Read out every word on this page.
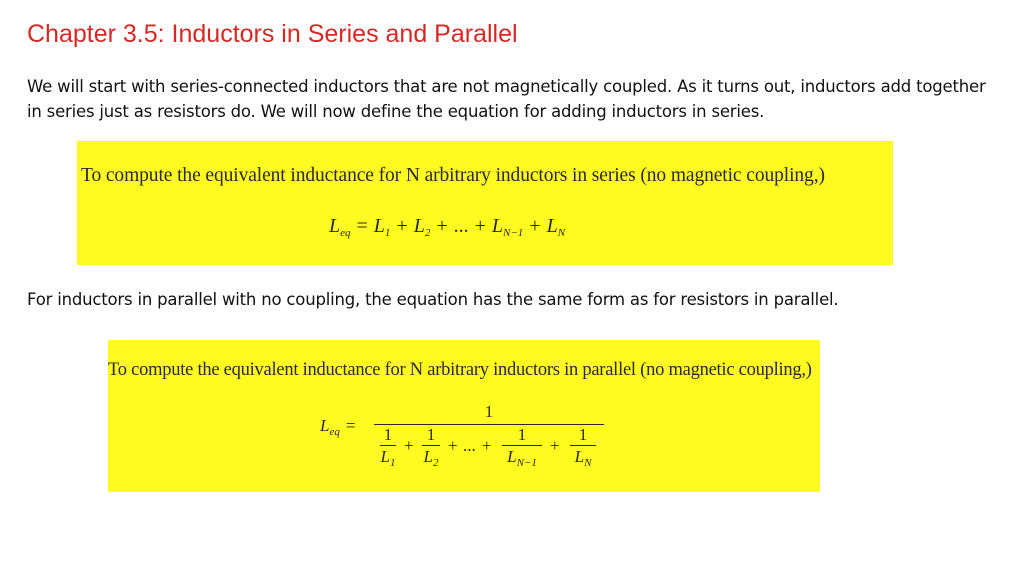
Chapter 3.5: Inductors in Series and Parallel
We will start with series-connected inductors that are not magnetically coupled. As it turns out, inductors add together in series just as resistors do. We will now define the equation for adding inductors in series.
To compute the equivalent inductance for N arbitrary inductors in series (no magnetic coupling,)
$L_{eq} = L_1 + L_2$ + ... + $L_{N-1} + L_N$
For inductors in parallel with no coupling, the equation has the same form as for resistors in parallel.
To compute the equivalent inductance for N arbitrary inductors in parallel (no magnetic coupling,)
$L_{eq}$ =
1
1
$L_1$
+
1
$L_2$
+ ... +
1
$L_{N-1}$
+
1
$L_N$
